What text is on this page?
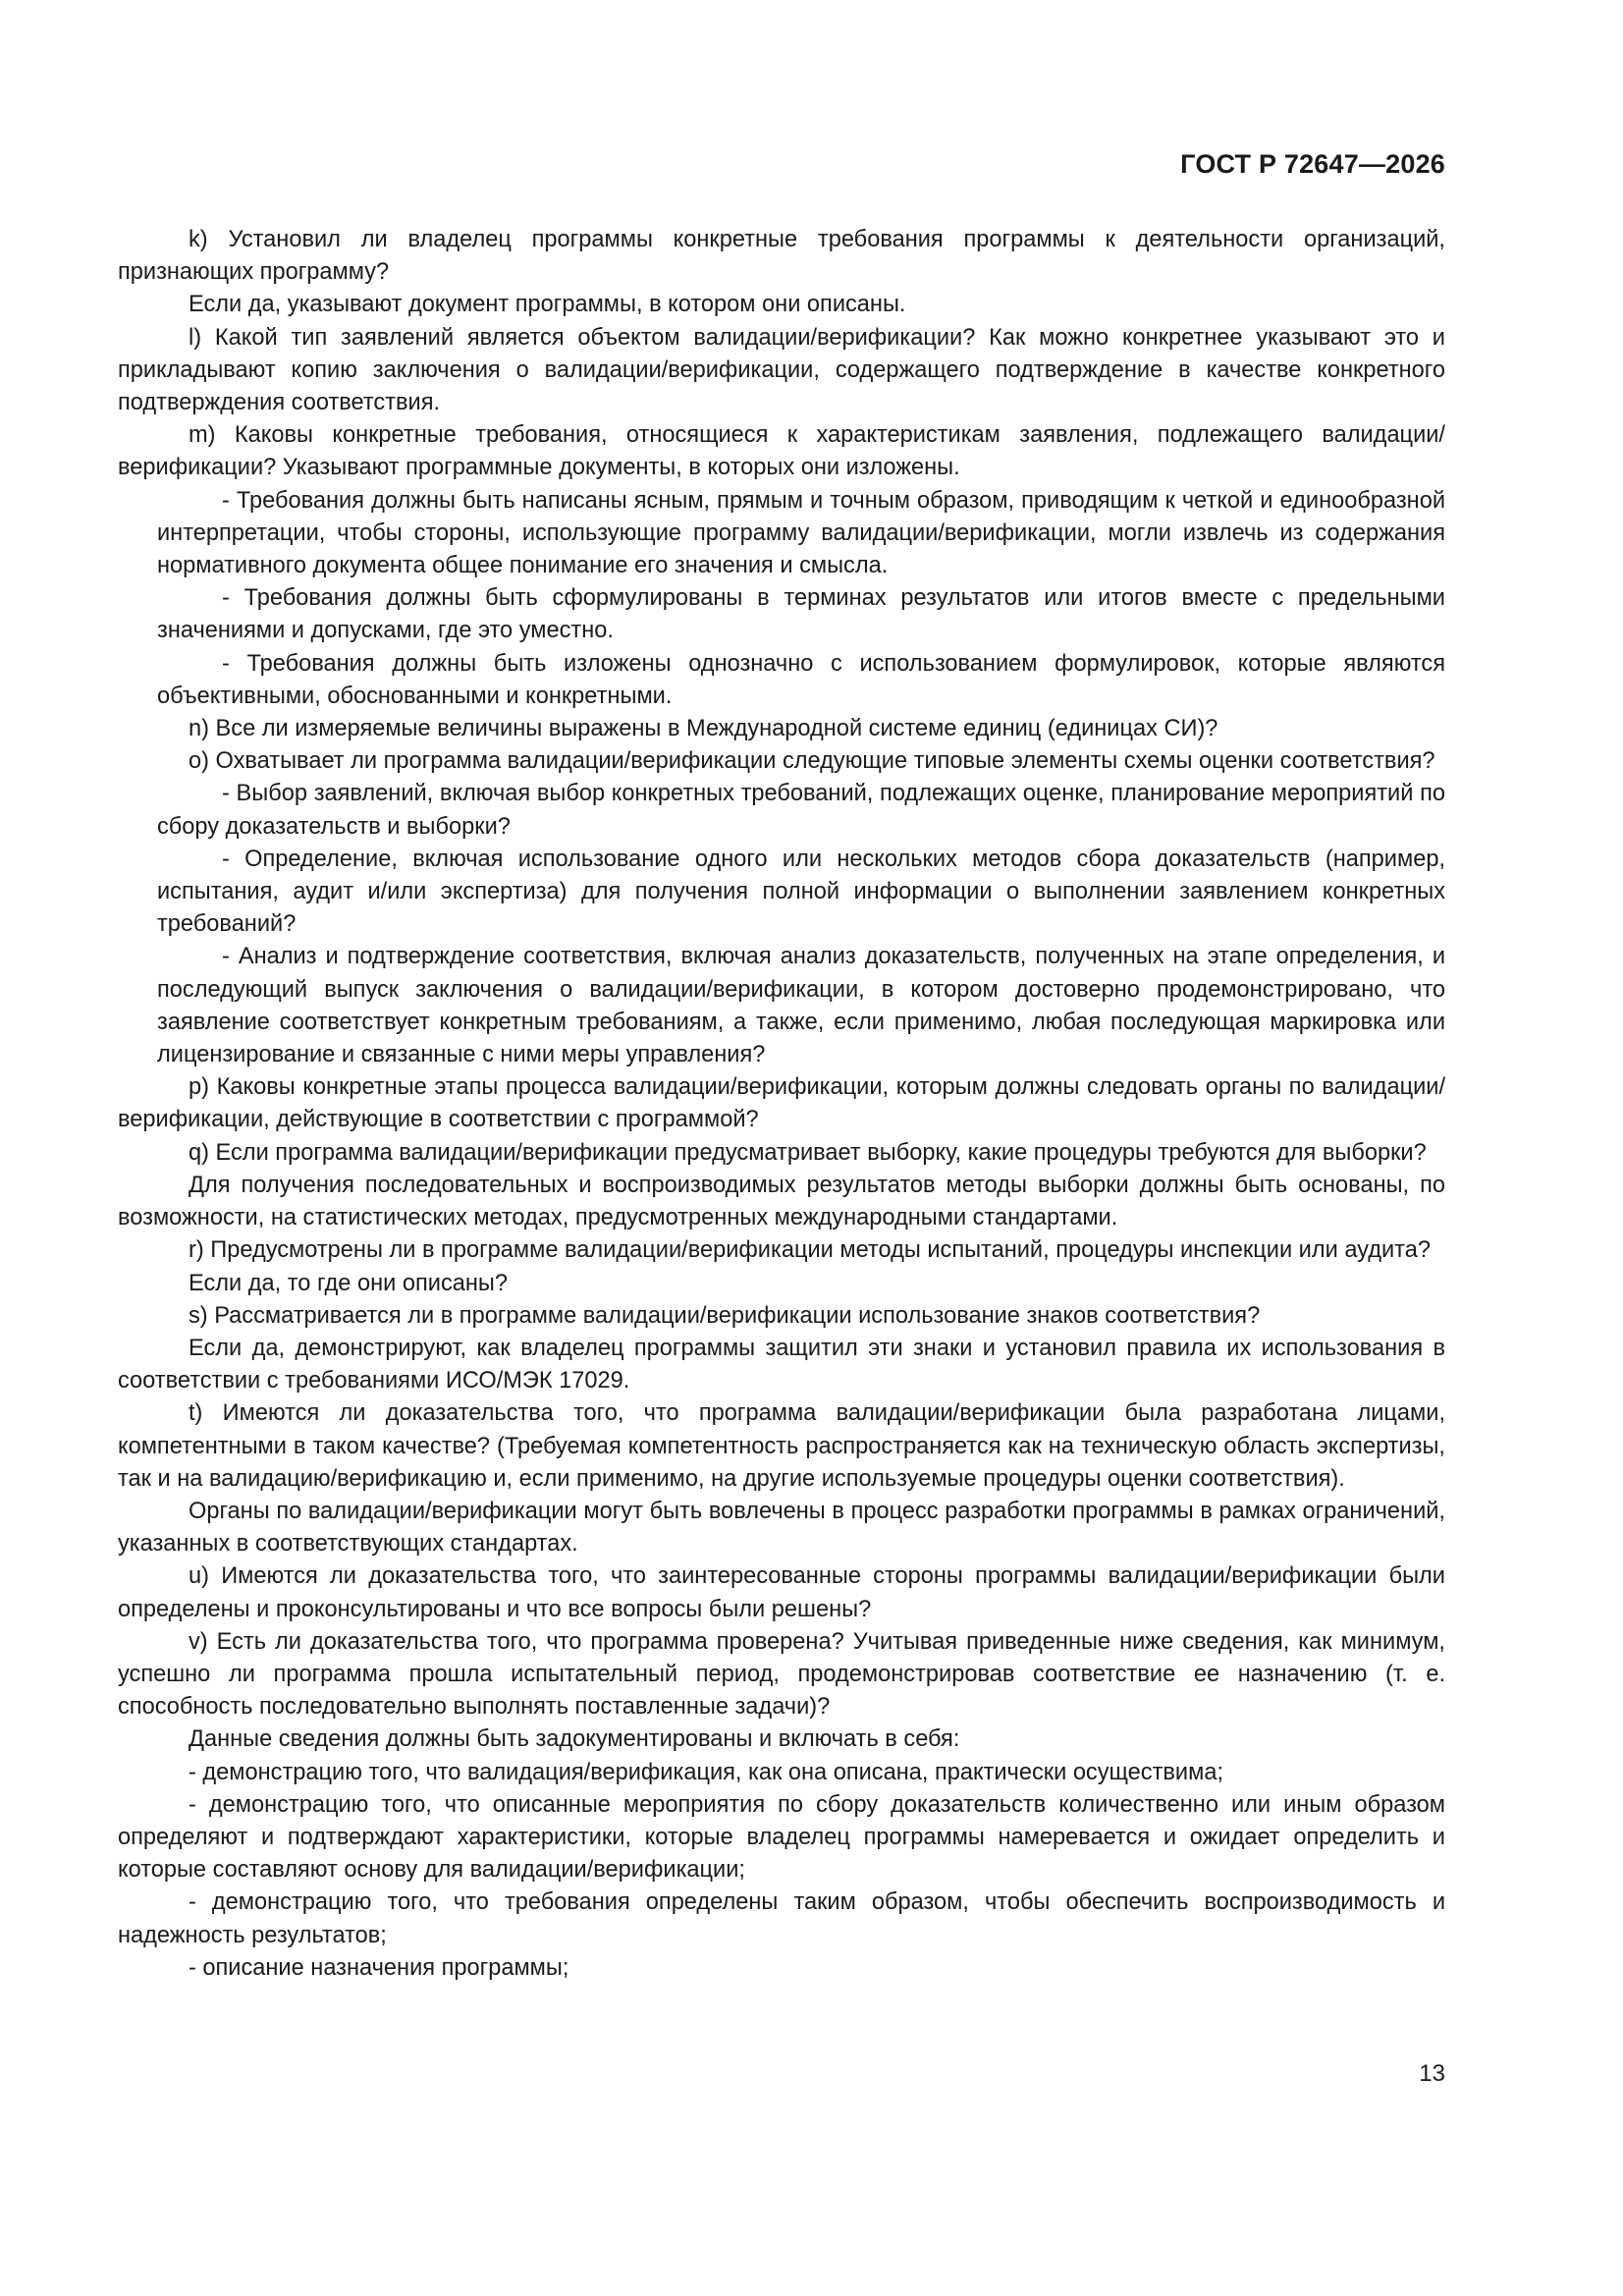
ГОСТ Р 72647—2026

k) Установил ли владелец программы конкретные требования программы к деятельности организаций, признающих программу?

Если да, указывают документ программы, в котором они описаны.

l) Какой тип заявлений является объектом валидации/верификации? Как можно конкретнее указывают это и прикладывают копию заключения о валидации/верификации, содержащего подтверждение в качестве конкретного подтверждения соответствия.

m) Каковы конкретные требования, относящиеся к характеристикам заявления, подлежащего валидации/верификации? Указывают программные документы, в которых они изложены.

- Требования должны быть написаны ясным, прямым и точным образом, приводящим к четкой и единообразной интерпретации, чтобы стороны, использующие программу валидации/верификации, могли извлечь из содержания нормативного документа общее понимание его значения и смысла.

- Требования должны быть сформулированы в терминах результатов или итогов вместе с предельными значениями и допусками, где это уместно.

- Требования должны быть изложены однозначно с использованием формулировок, которые являются объективными, обоснованными и конкретными.

n) Все ли измеряемые величины выражены в Международной системе единиц (единицах СИ)?

o) Охватывает ли программа валидации/верификации следующие типовые элементы схемы оценки соответствия?

- Выбор заявлений, включая выбор конкретных требований, подлежащих оценке, планирование мероприятий по сбору доказательств и выборки?

- Определение, включая использование одного или нескольких методов сбора доказательств (например, испытания, аудит и/или экспертиза) для получения полной информации о выполнении заявлением конкретных требований?

- Анализ и подтверждение соответствия, включая анализ доказательств, полученных на этапе определения, и последующий выпуск заключения о валидации/верификации, в котором достоверно продемонстрировано, что заявление соответствует конкретным требованиям, а также, если применимо, любая последующая маркировка или лицензирование и связанные с ними меры управления?

p) Каковы конкретные этапы процесса валидации/верификации, которым должны следовать органы по валидации/верификации, действующие в соответствии с программой?

q) Если программа валидации/верификации предусматривает выборку, какие процедуры требуются для выборки?

Для получения последовательных и воспроизводимых результатов методы выборки должны быть основаны, по возможности, на статистических методах, предусмотренных международными стандартами.

r) Предусмотрены ли в программе валидации/верификации методы испытаний, процедуры инспекции или аудита?

Если да, то где они описаны?

s) Рассматривается ли в программе валидации/верификации использование знаков соответствия?

Если да, демонстрируют, как владелец программы защитил эти знаки и установил правила их использования в соответствии с требованиями ИСО/МЭК 17029.

t) Имеются ли доказательства того, что программа валидации/верификации была разработана лицами, компетентными в таком качестве? (Требуемая компетентность распространяется как на техническую область экспертизы, так и на валидацию/верификацию и, если применимо, на другие используемые процедуры оценки соответствия).

Органы по валидации/верификации могут быть вовлечены в процесс разработки программы в рамках ограничений, указанных в соответствующих стандартах.

u) Имеются ли доказательства того, что заинтересованные стороны программы валидации/верификации были определены и проконсультированы и что все вопросы были решены?

v) Есть ли доказательства того, что программа проверена? Учитывая приведенные ниже сведения, как минимум, успешно ли программа прошла испытательный период, продемонстрировав соответствие ее назначению (т. е. способность последовательно выполнять поставленные задачи)?

Данные сведения должны быть задокументированы и включать в себя:

- демонстрацию того, что валидация/верификация, как она описана, практически осуществима;

- демонстрацию того, что описанные мероприятия по сбору доказательств количественно или иным образом определяют и подтверждают характеристики, которые владелец программы намеревается и ожидает определить и которые составляют основу для валидации/верификации;

- демонстрацию того, что требования определены таким образом, чтобы обеспечить воспроизводимость и надежность результатов;

- описание назначения программы;

13
